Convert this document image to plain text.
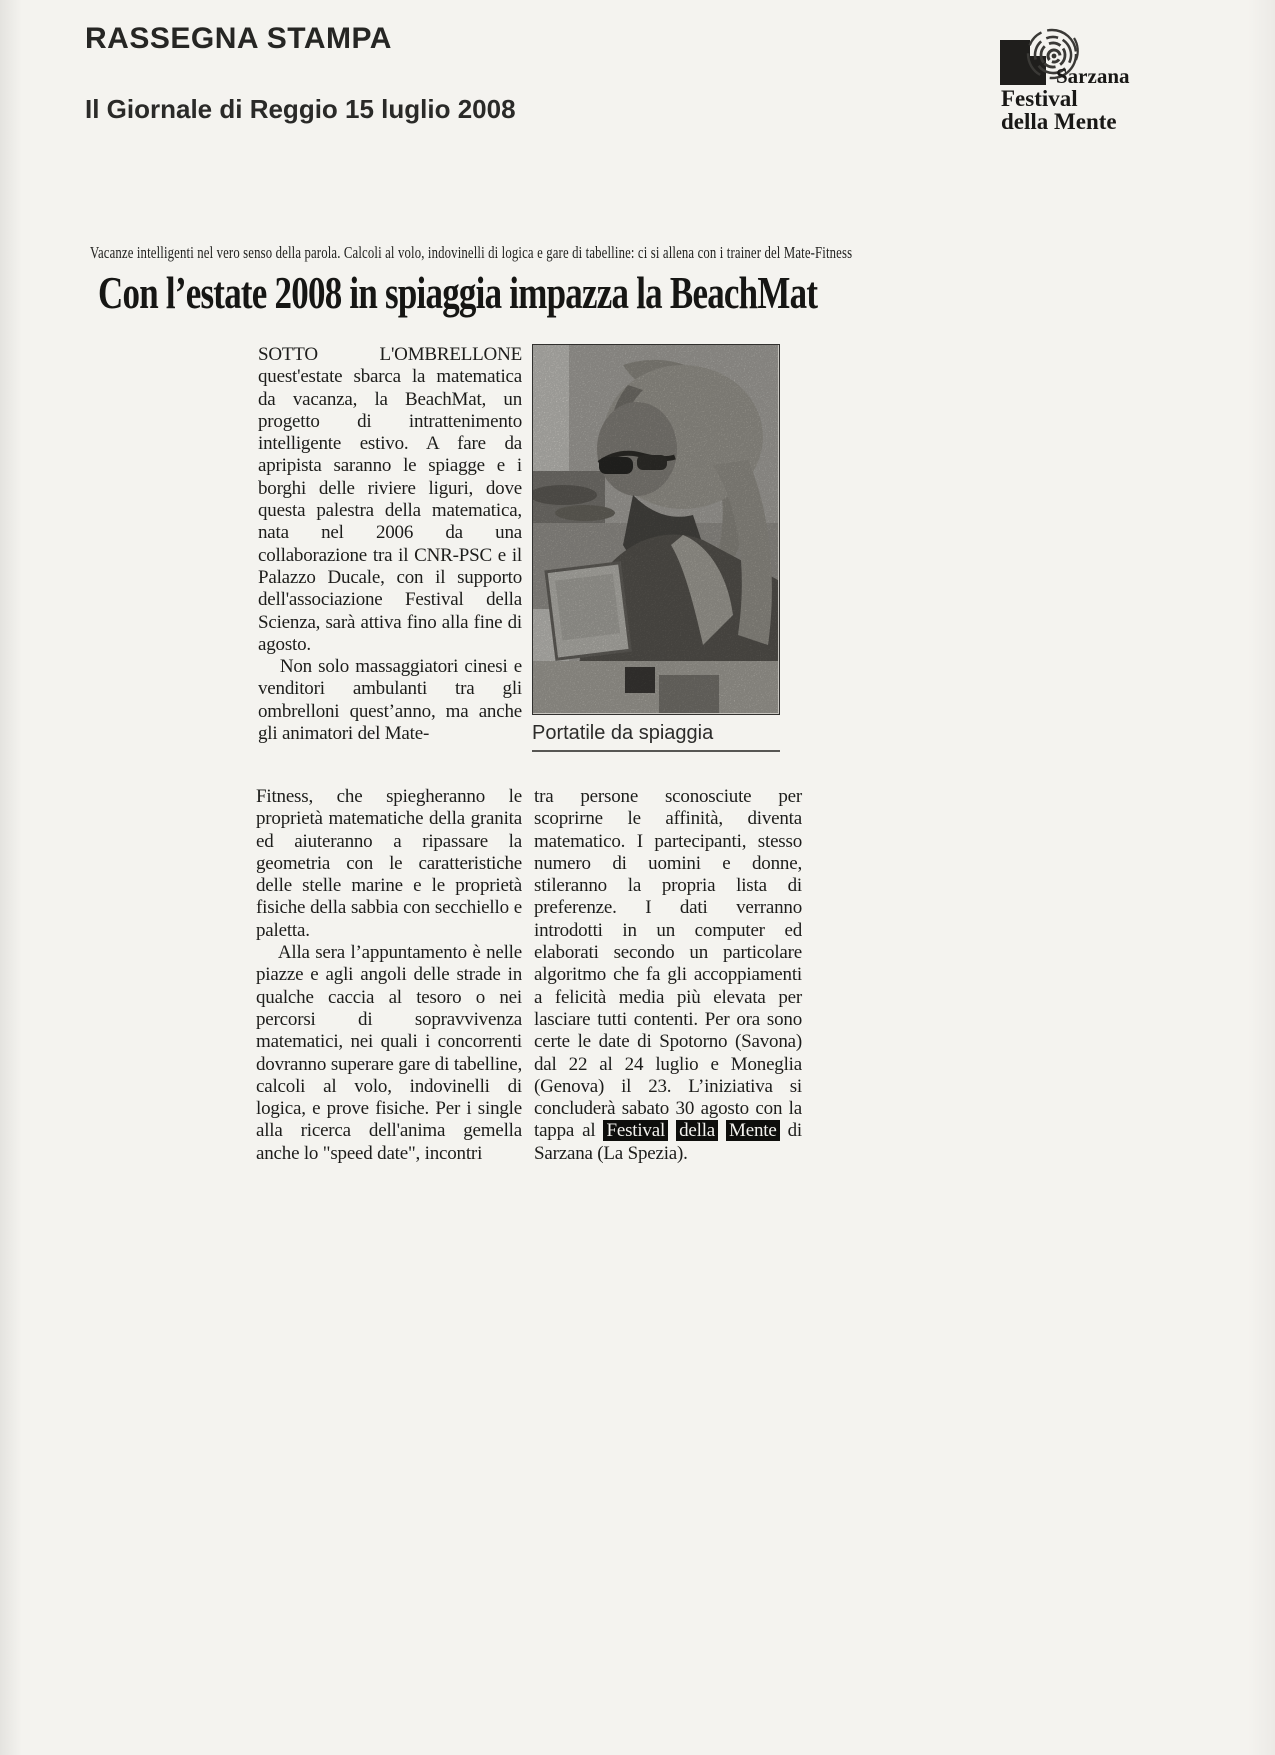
RASSEGNA STAMPA
Il Giornale di Reggio 15 luglio 2008
Sarzana
Festival
della Mente
Vacanze intelligenti nel vero senso della parola. Calcoli al volo, indovinelli di logica e gare di tabelline: ci si allena con i trainer del Mate-Fitness
Con l’estate 2008 in spiaggia impazza la BeachMat

SOTTO L'OMBRELLONE quest'estate sbarca la matematica da vacanza, la BeachMat, un progetto di intrattenimento intelligente estivo. A fare da apripista saranno le spiagge e i borghi delle riviere liguri, dove questa palestra della matematica, nata nel 2006 da una collaborazione tra il CNR-PSC e il Palazzo Ducale, con il supporto dell'associazione Festival della Scienza, sarà attiva fino alla fine di agosto.

Non solo massaggiatori cinesi e venditori ambulanti tra gli ombrelloni quest’anno, ma anche gli animatori del Mate-	Portatile da spiaggia

Fitness, che spiegheranno le proprietà matematiche della granita ed aiuteranno a ripassare la geometria con le caratteristiche delle stelle marine e le proprietà fisiche della sabbia con secchiello e paletta.

Alla sera l’appuntamento è nelle piazze e agli angoli delle strade in qualche caccia al tesoro o nei percorsi di sopravvivenza matematici, nei quali i concorrenti dovranno superare gare di tabelline, calcoli al volo, indovinelli di logica, e prove fisiche. Per i single alla ricerca dell'anima gemella anche lo "speed date", incontri

tra persone sconosciute per scoprirne le affinità, diventa matematico. I partecipanti, stesso numero di uomini e donne, stileranno la propria lista di preferenze. I dati verranno introdotti in un computer ed elaborati secondo un particolare algoritmo che fa gli accoppiamenti a felicità media più elevata per lasciare tutti contenti. Per ora sono certe le date di Spotorno (Savona) dal 22 al 24 luglio e Moneglia (Genova) il 23. L’iniziativa si concluderà sabato 30 agosto con la tappa al Festival della Mente di Sarzana (La Spezia).
